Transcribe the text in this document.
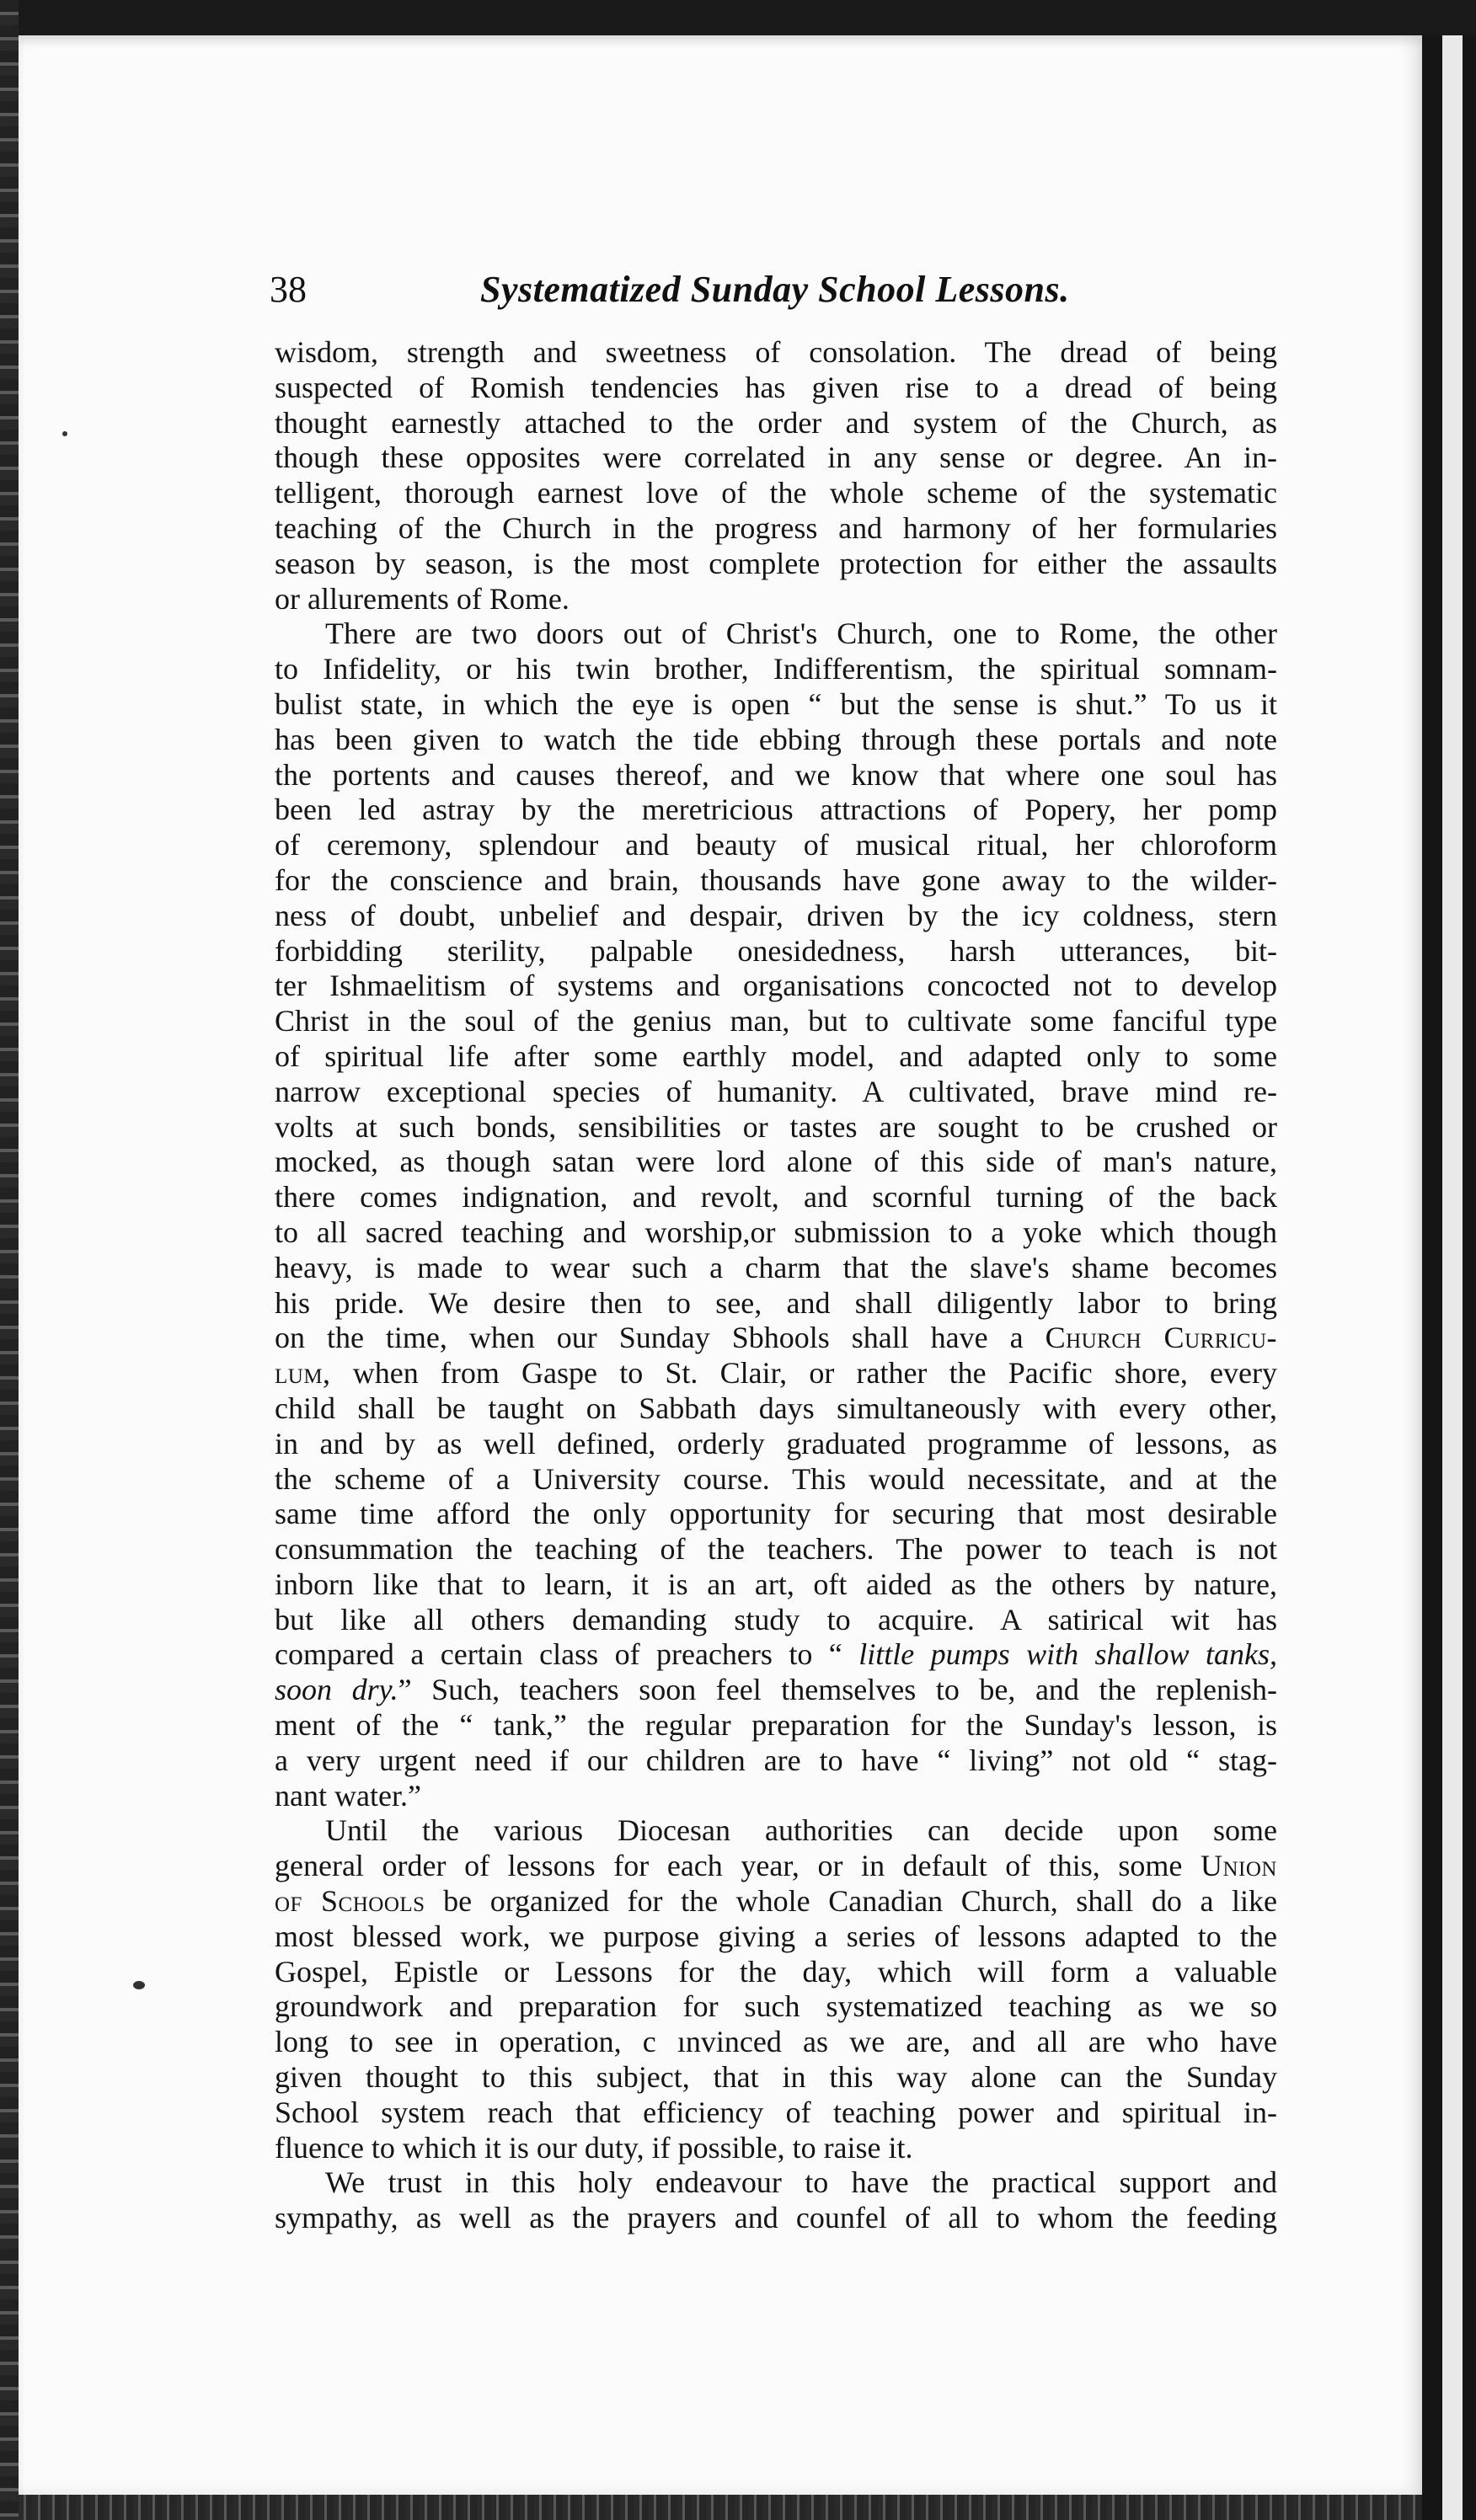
38	Systematized Sunday School Lessons.
wisdom, strength and sweetness of consolation. The dread of being
suspected of Romish tendencies has given rise to a dread of being
thought earnestly attached to the order and system of the Church, as
though these opposites were correlated in any sense or degree. An in-
telligent, thorough earnest love of the whole scheme of the systematic
teaching of the Church in the progress and harmony of her formularies
season by season, is the most complete protection for either the assaults
or allurements of Rome.
There are two doors out of Christ's Church, one to Rome, the other
to Infidelity, or his twin brother, Indifferentism, the spiritual somnam-
bulist state, in which the eye is open “ but the sense is shut.” To us it
has been given to watch the tide ebbing through these portals and note
the portents and causes thereof, and we know that where one soul has
been led astray by the meretricious attractions of Popery, her pomp
of ceremony, splendour and beauty of musical ritual, her chloroform
for the conscience and brain, thousands have gone away to the wilder-
ness of doubt, unbelief and despair, driven by the icy coldness, stern
forbidding sterility, palpable onesidedness, harsh utterances, bit-
ter Ishmaelitism of systems and organisations concocted not to develop
Christ in the soul of the genius man, but to cultivate some fanciful type
of spiritual life after some earthly model, and adapted only to some
narrow exceptional species of humanity. A cultivated, brave mind re-
volts at such bonds, sensibilities or tastes are sought to be crushed or
mocked, as though satan were lord alone of this side of man's nature,
there comes indignation, and revolt, and scornful turning of the back
to all sacred teaching and worship,or submission to a yoke which though
heavy, is made to wear such a charm that the slave's shame becomes
his pride. We desire then to see, and shall diligently labor to bring
on the time, when our Sunday Sbhools shall have a Church Curricu-
lum, when from Gaspe to St. Clair, or rather the Pacific shore, every
child shall be taught on Sabbath days simultaneously with every other,
in and by as well defined, orderly graduated programme of lessons, as
the scheme of a University course. This would necessitate, and at the
same time afford the only opportunity for securing that most desirable
consummation the teaching of the teachers. The power to teach is not
inborn like that to learn, it is an art, oft aided as the others by nature,
but like all others demanding study to acquire. A satirical wit has
compared a certain class of preachers to “ little pumps with shallow tanks,
soon dry.” Such, teachers soon feel themselves to be, and the replenish-
ment of the “ tank,” the regular preparation for the Sunday's lesson, is
a very urgent need if our children are to have “ living” not old “ stag-
nant water.”
Until the various Diocesan authorities can decide upon some
general order of lessons for each year, or in default of this, some Union
of Schools be organized for the whole Canadian Church, shall do a like
most blessed work, we purpose giving a series of lessons adapted to the
Gospel, Epistle or Lessons for the day, which will form a valuable
groundwork and preparation for such systematized teaching as we so
long to see in operation, c ınvinced as we are, and all are who have
given thought to this subject, that in this way alone can the Sunday
School system reach that efficiency of teaching power and spiritual in-
fluence to which it is our duty, if possible, to raise it.
We trust in this holy endeavour to have the practical support and
sympathy, as well as the prayers and counfel of all to whom the feeding
